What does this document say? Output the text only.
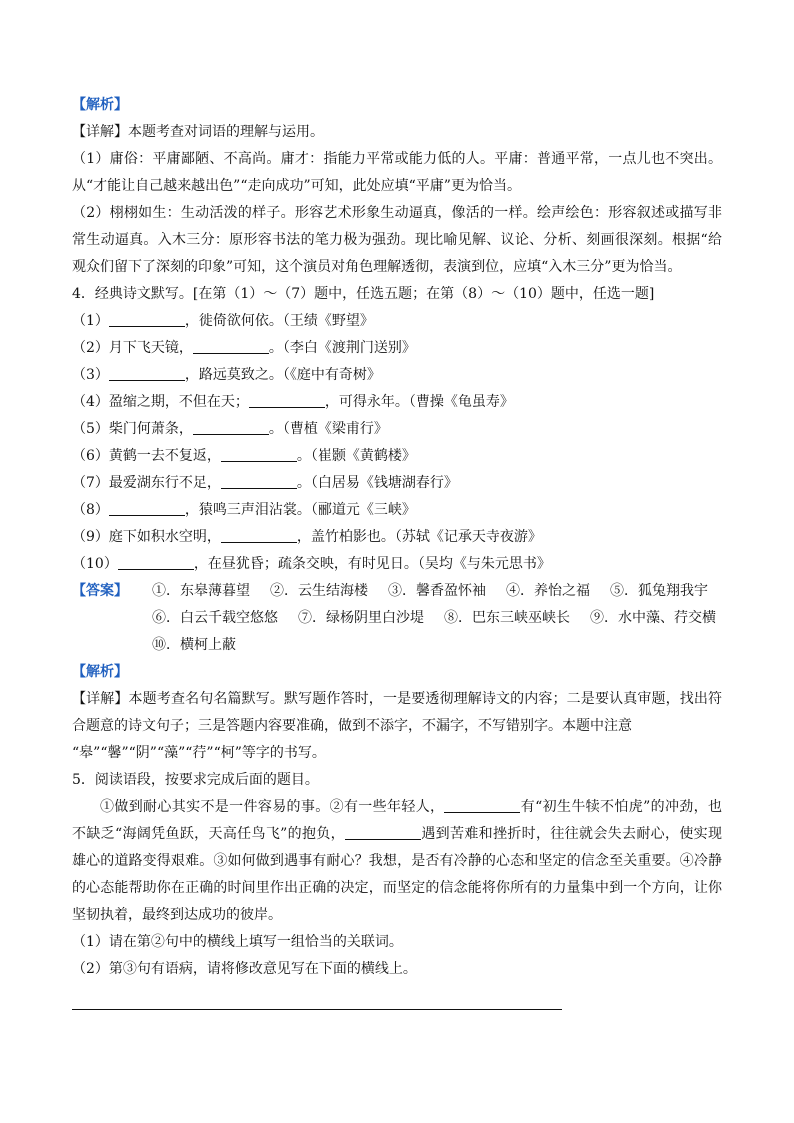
【解析】
【详解】本题考查对词语的理解与运用。
（1）庸俗：平庸鄙陋、不高尚。庸才：指能力平常或能力低的人。平庸：普通平常，一点儿也不突出。从“才能让自己越来越出色”“走向成功”可知，此处应填“平庸”更为恰当。
（2）栩栩如生：生动活泼的样子。形容艺术形象生动逼真，像活的一样。绘声绘色：形容叙述或描写非常生动逼真。入木三分：原形容书法的笔力极为强劲。现比喻见解、议论、分析、刻画很深刻。根据“给观众们留下了深刻的印象”可知，这个演员对角色理解透彻，表演到位，应填“入木三分”更为恰当。
4．经典诗文默写。[在第（1）～（7）题中，任选五题；在第（8）～（10）题中，任选一题]
（1）	，徙倚欲何依。（王绩《野望》
（2）月下飞天镜，	。（李白《渡荆门送别》
（3）	，路远莫致之。（《庭中有奇树》
（4）盈缩之期，不但在天；	，可得永年。（曹操《龟虽寿》
（5）柴门何萧条，	。（曹植《梁甫行》
（6）黄鹤一去不复返，	。（崔颢《黄鹤楼》
（7）最爱湖东行不足，	。（白居易《钱塘湖春行》
（8）	，猿鸣三声泪沾裳。（郦道元《三峡》
（9）庭下如积水空明，	，盖竹柏影也。（苏轼《记承天寺夜游》
（10）	，在昼犹昏；疏条交映，有时见日。（吴均《与朱元思书》
【答案】	①．东皋薄暮望 ②．云生结海楼 ③．馨香盈怀袖 ④．养怡之福 ⑤．狐兔翔我宇
⑥．白云千载空悠悠 ⑦．绿杨阴里白沙堤 ⑧．巴东三峡巫峡长 ⑨．水中藻、荇交横
⑩．横柯上蔽
【解析】
【详解】本题考查名句名篇默写。默写题作答时，一是要透彻理解诗文的内容；二是要认真审题，找出符合题意的诗文句子；三是答题内容要准确，做到不添字，不漏字，不写错别字。本题中注意
“皋”“馨”“阴”“藻”“荇”“柯”等字的书写。
5．阅读语段，按要求完成后面的题目。
①做到耐心其实不是一件容易的事。②有一些年轻人，	有“初生牛犊不怕虎”的冲劲，也不缺乏“海阔凭鱼跃，天高任鸟飞”的抱负，	遇到苦难和挫折时，往往就会失去耐心，使实现雄心的道路变得艰难。③如何做到遇事有耐心？我想，是否有冷静的心态和坚定的信念至关重要。④冷静的心态能帮助你在正确的时间里作出正确的决定，而坚定的信念能将你所有的力量集中到一个方向，让你坚韧执着，最终到达成功的彼岸。
（1）请在第②句中的横线上填写一组恰当的关联词。
（2）第③句有语病，请将修改意见写在下面的横线上。
